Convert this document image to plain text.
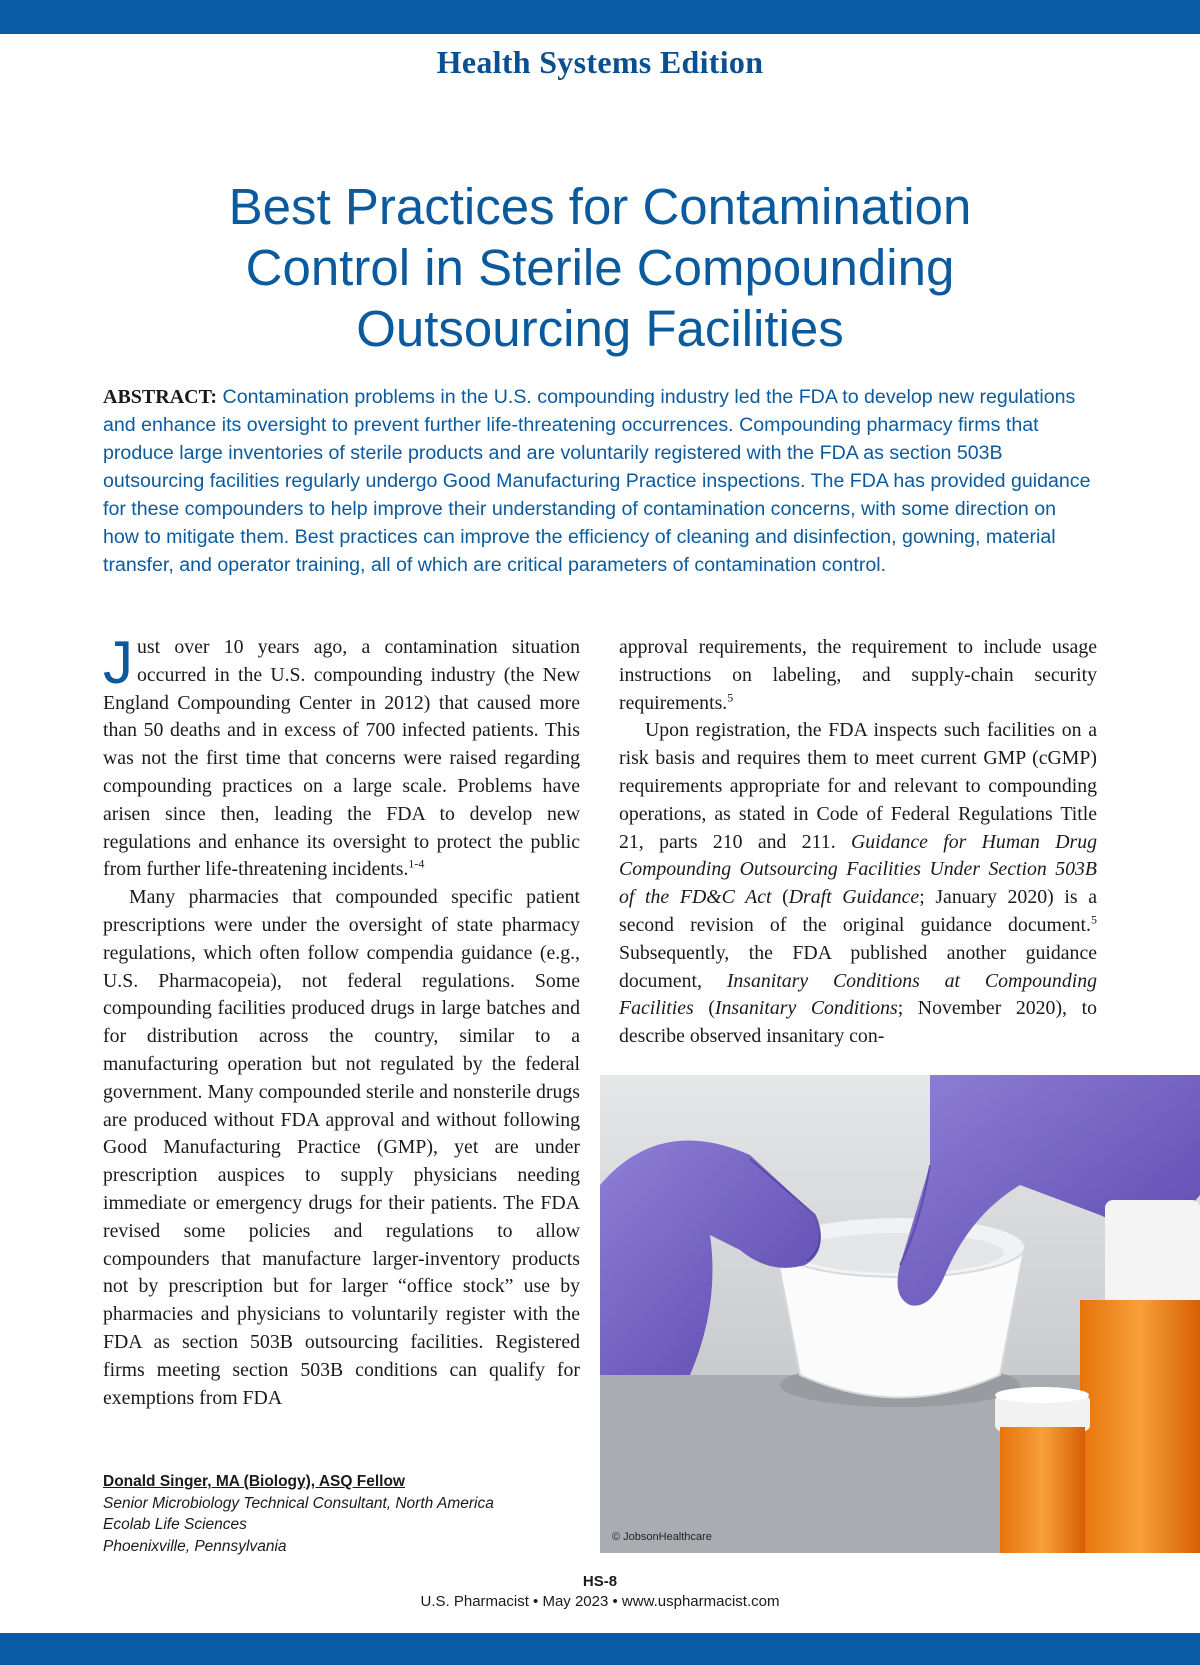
Health Systems Edition
Best Practices for Contamination
Control in Sterile Compounding
Outsourcing Facilities

ABSTRACT: Contamination problems in the U.S. compounding industry led the FDA to develop new regulations and enhance its oversight to prevent further life-threatening occurrences. Compounding pharmacy firms that produce large inventories of sterile products and are voluntarily registered with the FDA as section 503B outsourcing facilities regularly undergo Good Manufacturing Practice inspections. The FDA has provided guidance for these compounders to help improve their understanding of contamination concerns, with some direction on how to mitigate them. Best practices can improve the efficiency of cleaning and disinfection, gowning, material transfer, and operator training, all of which are critical parameters of contamination control.

Just over 10 years ago, a contamination situation occurred in the U.S. compounding industry (the New England Compounding Center in 2012) that caused more than 50 deaths and in excess of 700 infected patients. This was not the first time that concerns were raised regarding compounding practices on a large scale. Problems have arisen since then, leading the FDA to develop new regulations and enhance its oversight to protect the public from further life-threatening incidents.$^{1-4}$

Many pharmacies that compounded specific patient prescriptions were under the oversight of state pharmacy regulations, which often follow compendia guidance (e.g., U.S. Pharmacopeia), not federal regulations. Some compounding facilities produced drugs in large batches and for distribution across the country, similar to a manufacturing operation but not regulated by the federal government. Many compounded sterile and nonsterile drugs are produced without FDA approval and without following Good Manufacturing Practice (GMP), yet are under prescription auspices to supply physicians needing immediate or emergency drugs for their patients. The FDA revised some policies and regulations to allow compounders that manufacture larger-inventory products not by prescription but for larger “office stock” use by pharmacies and physicians to voluntarily register with the FDA as section 503B outsourcing facilities. Registered firms meeting section 503B conditions can qualify for exemptions from FDA

approval requirements, the requirement to include usage instructions on labeling, and supply-chain security requirements.$^5$

Upon registration, the FDA inspects such facilities on a risk basis and requires them to meet current GMP (cGMP) requirements appropriate for and relevant to compounding operations, as stated in Code of Federal Regulations Title 21, parts 210 and 211. Guidance for Human Drug Compounding Outsourcing Facilities Under Section 503B of the FD&C Act (Draft Guidance; January 2020) is a second revision of the original guidance document.$^5$ Subsequently, the FDA published another guidance document, Insanitary Conditions at Compounding Facilities (Insanitary Conditions; November 2020), to describe observed insanitary con-

© JobsonHealthcare
Donald Singer, MA (Biology), ASQ Fellow
Senior Microbiology Technical Consultant, North America
Ecolab Life Sciences
Phoenixville, Pennsylvania
HS-8
U.S. Pharmacist • May 2023 • www.uspharmacist.com
